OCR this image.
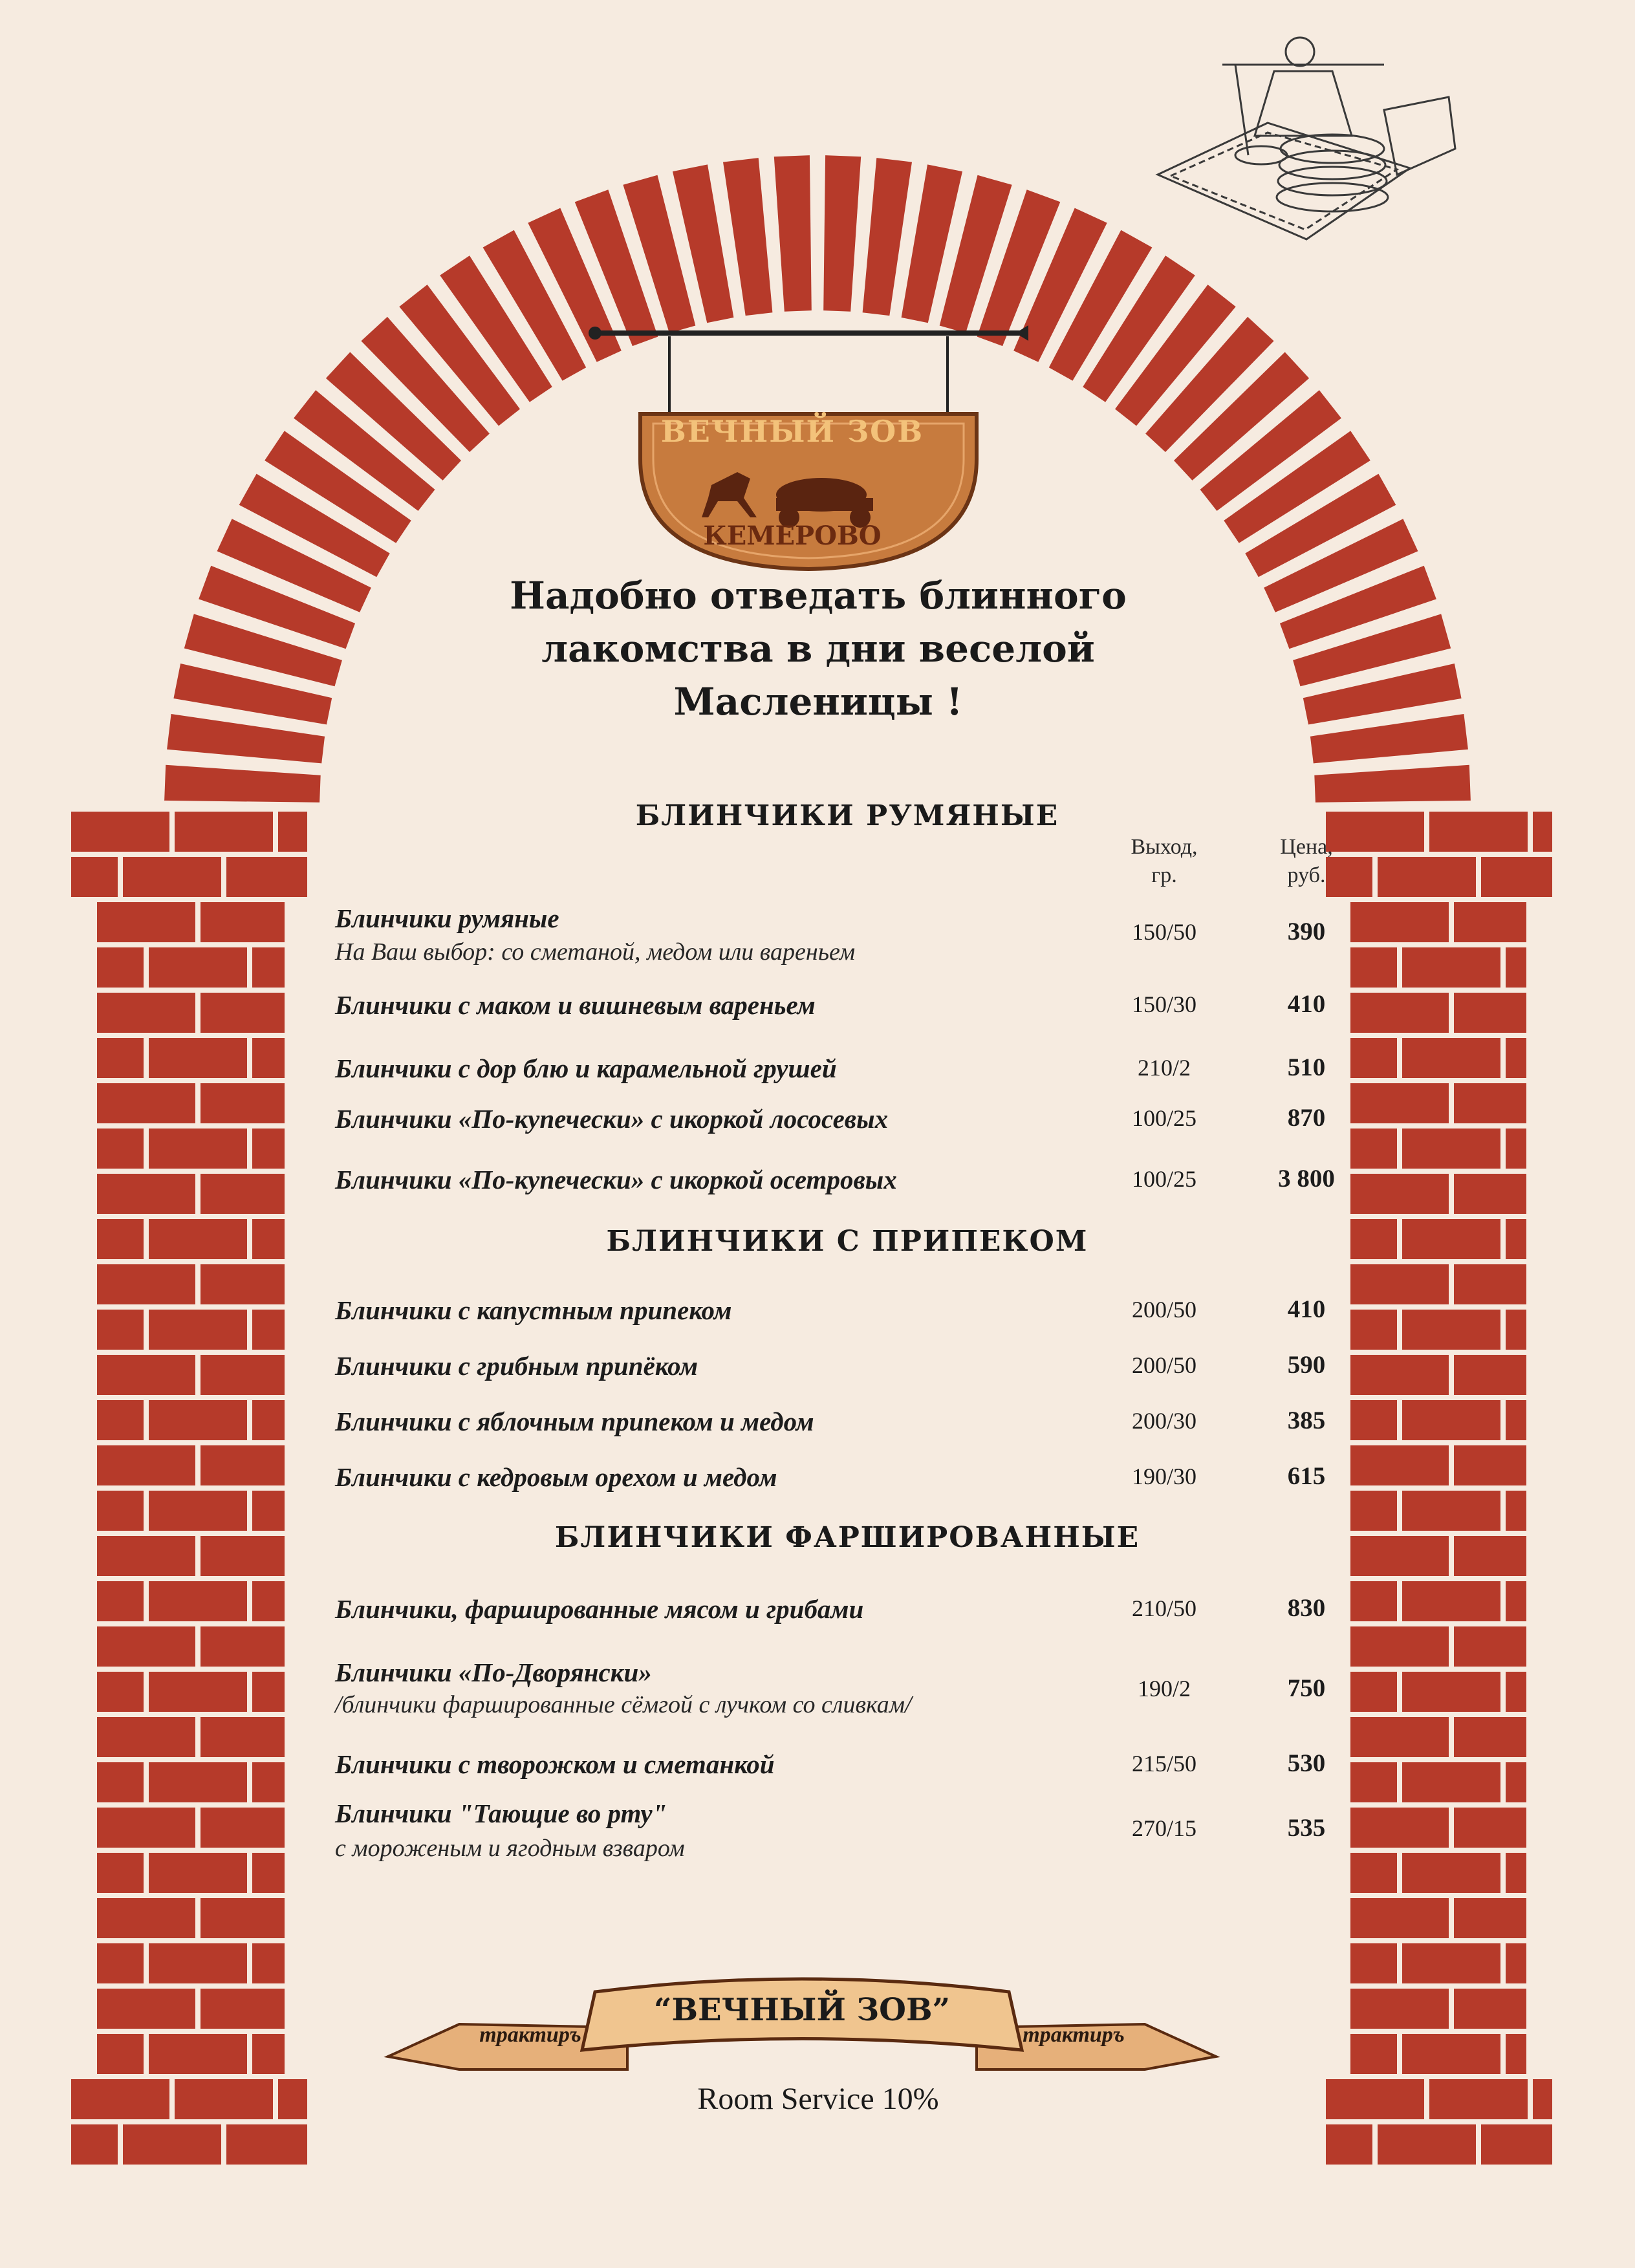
ВЕЧНЫЙ ЗОВ
КЕМЕРОВО
Надобно отведать блинного
лакомства в дни веселой
Масленицы !
Выход,
гр.
Цена,
руб.
БЛИНЧИКИ РУМЯНЫЕ
Блинчики румяные
На Ваш выбор: со сметаной, медом или вареньем
150/50	390
Блинчики с маком и вишневым вареньем	150/30	410
Блинчики с дор блю и карамельной грушей	210/2	510
Блинчики «По-купечески» с икоркой лососевых	100/25	870
Блинчики «По-купечески» с икоркой осетровых	100/25	3 800
БЛИНЧИКИ С ПРИПЕКОМ
Блинчики с капустным припеком	200/50	410
Блинчики с грибным припёком	200/50	590
Блинчики с яблочным припеком и медом	200/30	385
Блинчики с кедровым орехом и медом	190/30	615
БЛИНЧИКИ ФАРШИРОВАННЫЕ
Блинчики, фаршированные мясом и грибами	210/50	830
Блинчики «По-Дворянски»
/блинчики фаршированные сёмгой с лучком со сливкам/
190/2	750
Блинчики с творожком и сметанкой	215/50	530
Блинчики "Тающие во рту"
с мороженым и ягодным взваром
270/15	535
“ВЕЧНЫЙ ЗОВ”
трактиръ	трактиръ
Room Service 10%
